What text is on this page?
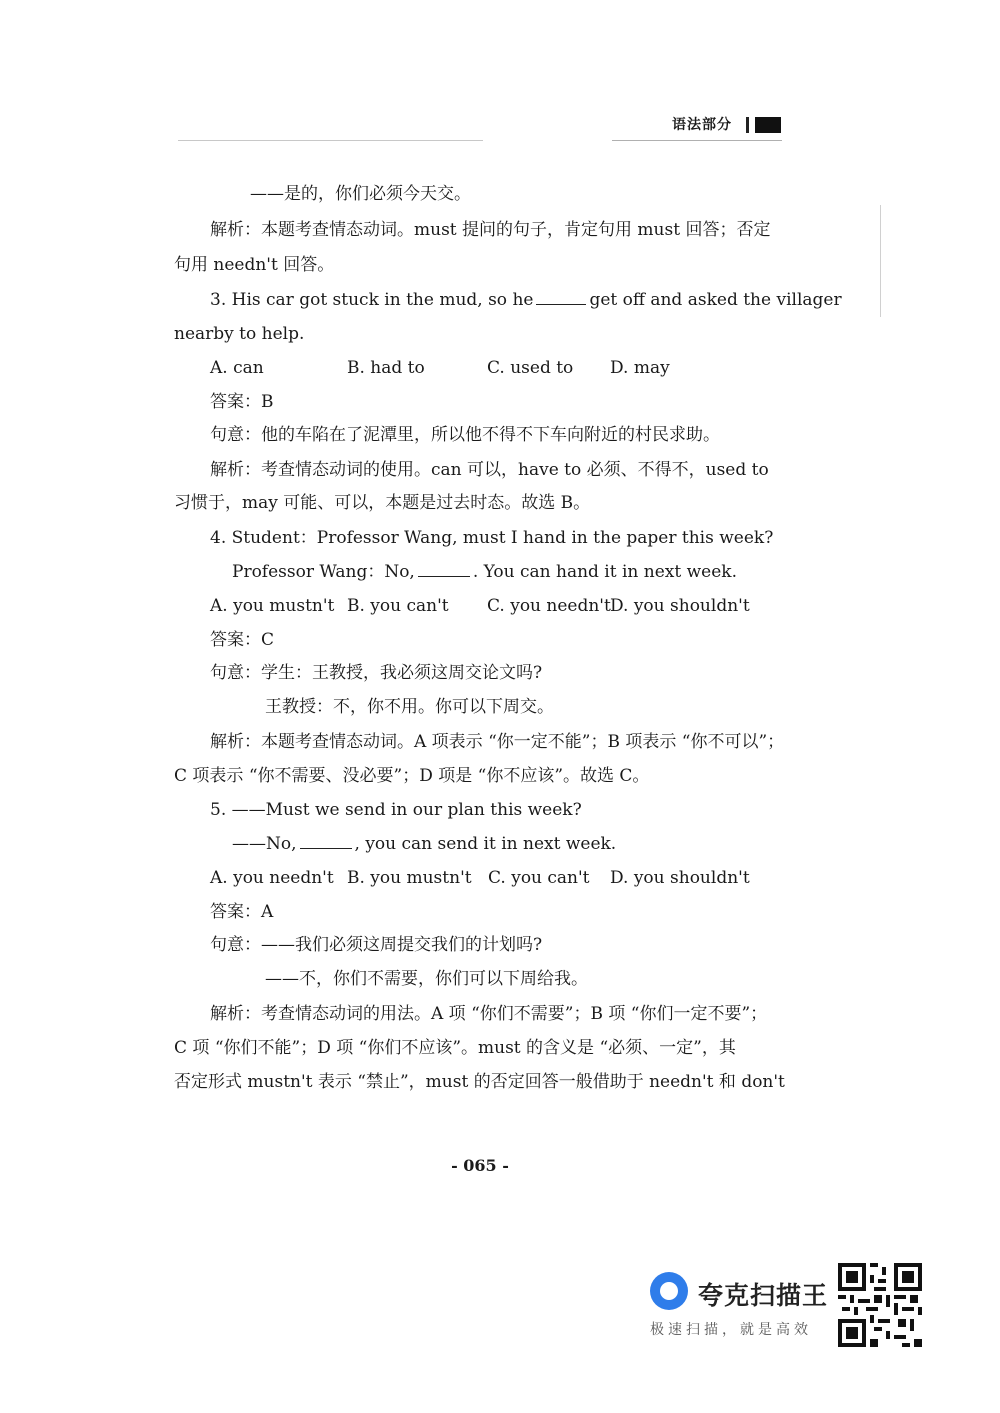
语法部分
——是的，你们必须今天交。
解析：本题考查情态动词。must 提问的句子，肯定句用 must 回答；否定
句用 needn't 回答。
3. His car got stuck in the mud, so he	get off and asked the villager
nearby to help.
A. can	B. had to	C. used to D. may
答案：B
句意：他的车陷在了泥潭里，所以他不得不下车向附近的村民求助。
解析：考查情态动词的使用。can 可以，have to 必须、不得不，used to
习惯于，may 可能、可以，本题是过去时态。故选 B。
4. Student：Professor Wang, must I hand in the paper this week?
Professor Wang：No,	. You can hand it in next week.
A. you mustn't B. you can't C. you needn't D. you shouldn't
答案：C
句意：学生：王教授，我必须这周交论文吗?
王教授：不，你不用。你可以下周交。
解析：本题考查情态动词。A 项表示 “你一定不能”；B 项表示 “你不可以”；
C 项表示 “你不需要、没必要”；D 项是 “你不应该”。故选 C。
5. ——Must we send in our plan this week?
——No,	, you can send it in next week.
A. you needn't B. you mustn't C. you can't D. you shouldn't
答案：A
句意：——我们必须这周提交我们的计划吗?
——不，你们不需要，你们可以下周给我。
解析：考查情态动词的用法。A 项 “你们不需要”；B 项 “你们一定不要”；
C 项 “你们不能”；D 项 “你们不应该”。must 的含义是 “必须、一定”，其
否定形式 mustn't 表示 “禁止”，must 的否定回答一般借助于 needn't 和 don't
- 065 -
夸克扫描王
极速扫描，就是高效
